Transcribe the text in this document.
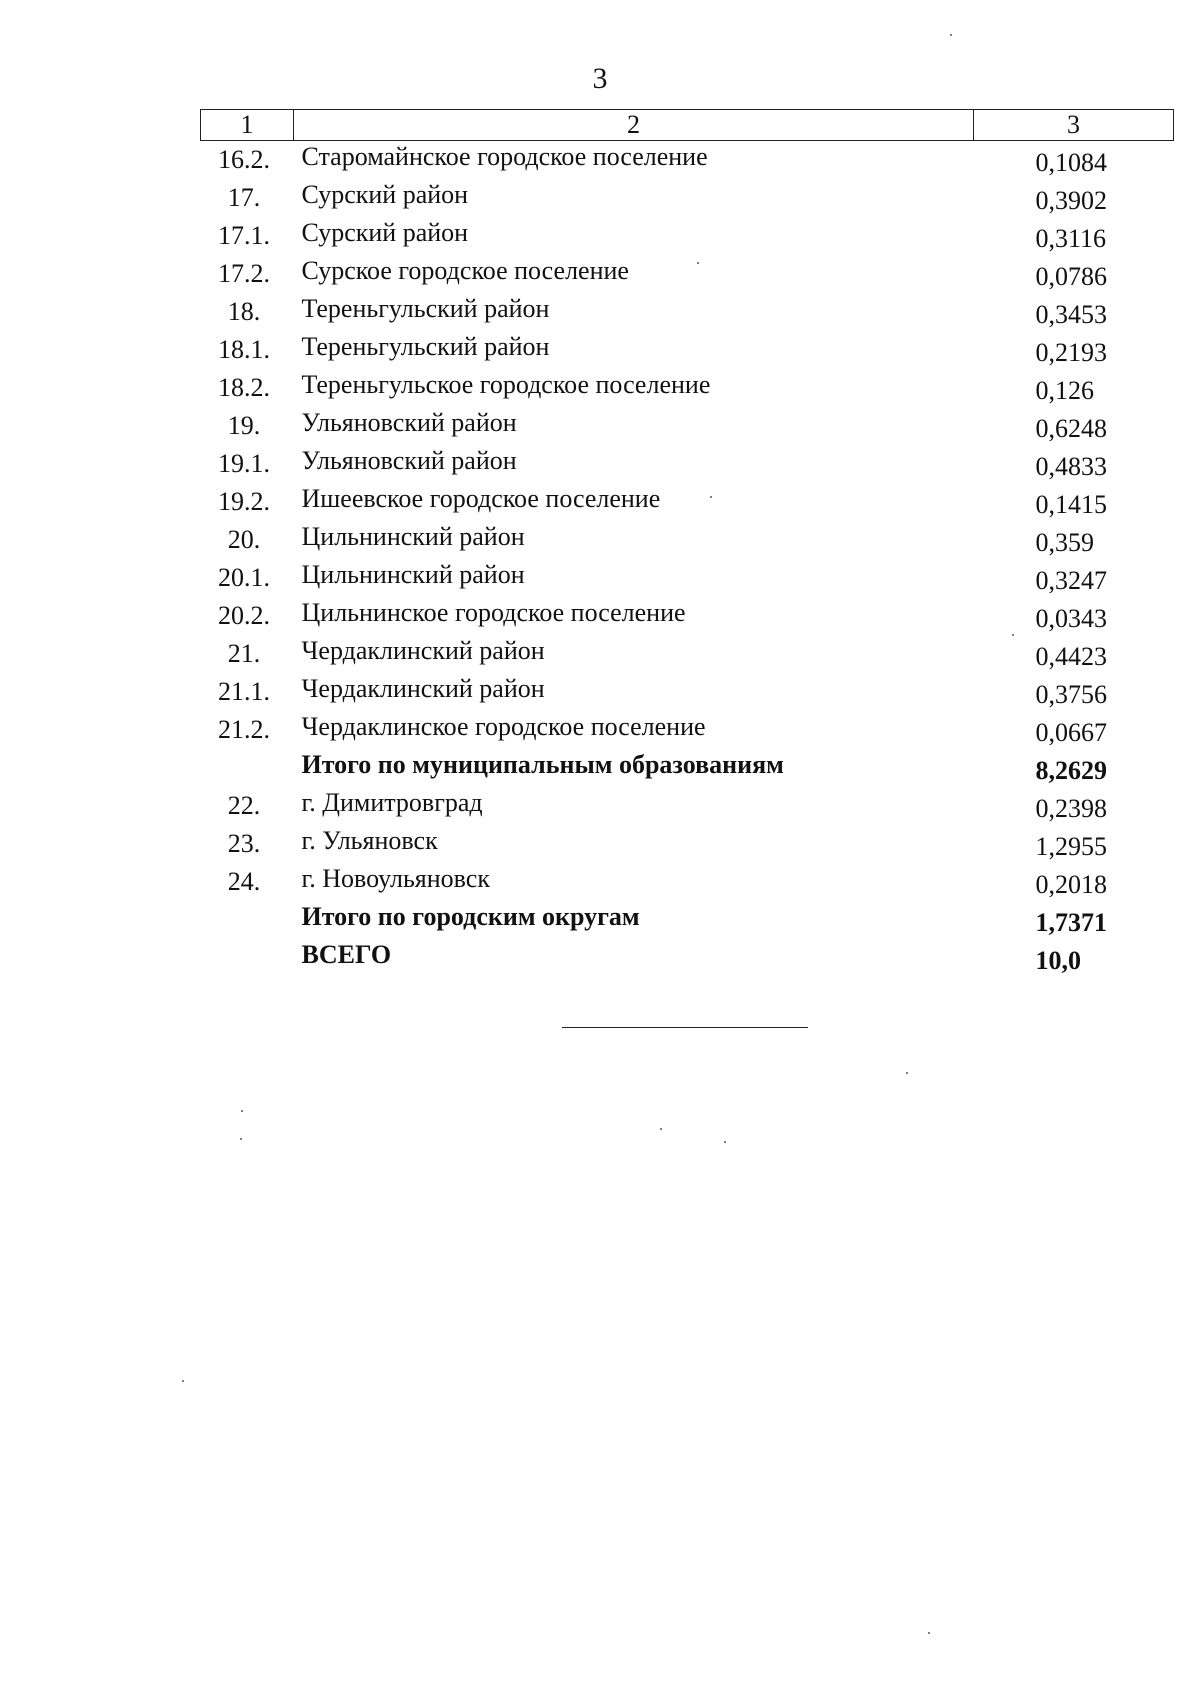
3
1	2	3
16.2.	Старомайнское городское поселение	0,1084
17.	Сурский район	0,3902
17.1.	Сурский район	0,3116
17.2.	Сурское городское поселение	0,0786
18.	Тереньгульский район	0,3453
18.1.	Тереньгульский район	0,2193
18.2.	Тереньгульское городское поселение	0,126
19.	Ульяновский район	0,6248
19.1.	Ульяновский район	0,4833
19.2.	Ишеевское городское поселение	0,1415
20.	Цильнинский район	0,359
20.1.	Цильнинский район	0,3247
20.2.	Цильнинское городское поселение	0,0343
21.	Чердаклинский район	0,4423
21.1.	Чердаклинский район	0,3756
21.2.	Чердаклинское городское поселение	0,0667
	Итого по муниципальным образованиям	8,2629
22.	г. Димитровград	0,2398
23.	г. Ульяновск	1,2955
24.	г. Новоульяновск	0,2018
	Итого по городским округам	1,7371
	ВСЕГО	10,0
